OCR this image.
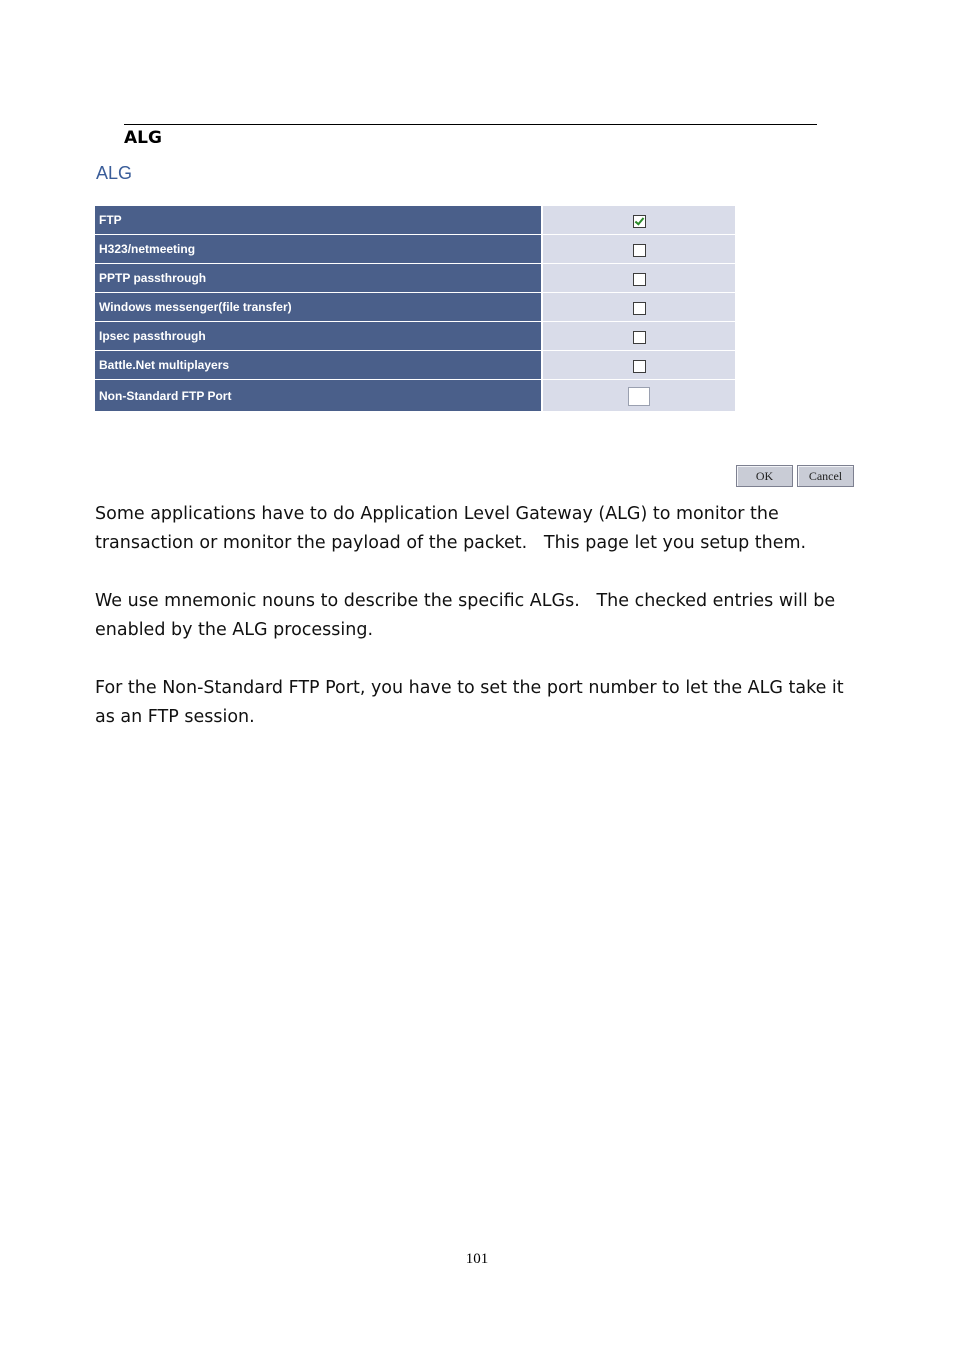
ALG
ALG
FTP	
H323/netmeeting	
PPTP passthrough	
Windows messenger(file transfer)	
Ipsec passthrough	
Battle.Net multiplayers	
Non-Standard FTP Port	
OK	Cancel

Some applications have to do Application Level Gateway (ALG) to monitor the transaction or monitor the payload of the packet.   This page let you setup them.

We use mnemonic nouns to describe the specific ALGs.   The checked entries will be enabled by the ALG processing.

For the Non-Standard FTP Port, you have to set the port number to let the ALG take it as an FTP session.

101
